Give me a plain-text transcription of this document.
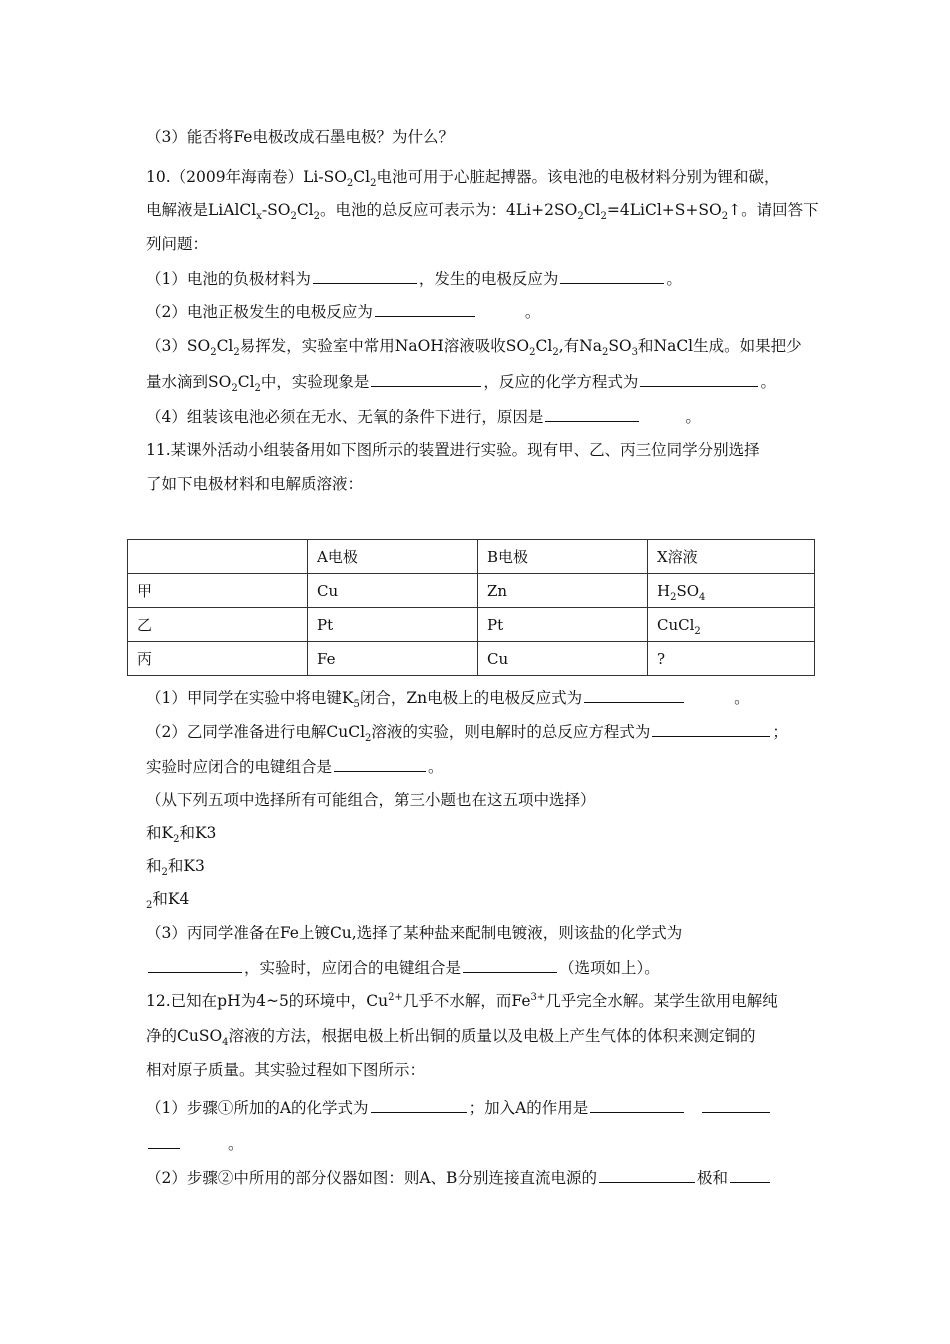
（3）能否将Fe电极改成石墨电极？为什么？
10.（2009年海南卷）$Li-SO_2Cl_2$电池可用于心脏起搏器。该电池的电极材料分别为锂和碳，
电解液是$LiAlCl_x-SO_2Cl_2$。电池的总反应可表示为：$4Li+2SO_2Cl_2=4LiCl+S+SO_2↑$。请回答下
列问题：
（1）电池的负极材料为	，发生的电极反应为	。
（2）电池正极发生的电极反应为	。
$(3)SO_2Cl_2$易挥发，实验室中常用NaOH溶液吸收$SO_2Cl_2$,有$Na_2SO_3$和NaCl生成。如果把少
量水滴到$SO_2Cl_2$中，实验现象是	，反应的化学方程式为	。
（4）组装该电池必须在无水、无氧的条件下进行，原因是	。
11.某课外活动小组装备用如下图所示的装置进行实验。现有甲、乙、丙三位同学分别选择
了如下电极材料和电解质溶液：
	A电极	B电极	X溶液
甲	Cu	Zn	$H_2SO_4$
乙	Pt	Pt	CuCl$_2$
丙	Fe	Cu	?
（1）甲同学在实验中将电键$K_5$闭合，Zn电极上的电极反应式为	。
（2）乙同学准备进行电解CuCl$_2$溶液的实验，则电解时的总反应方程式为	；
实验时应闭合的电键组合是	。
（从下列五项中选择所有可能组合，第三小题也在这五项中选择）
和$K_2$和K3
和$_2$和K3
$_2$和K4
（3）丙同学准备在Fe上镀Cu,选择了某种盐来配制电镀液，则该盐的化学式为
，实验时，应闭合的电键组合是	（选项如上）。
12.已知在pH为4~5的环境中，$Cu^{2+}$几乎不水解，而$Fe^{3+}$几乎完全水解。某学生欲用电解纯
净的CuSO$_4$溶液的方法，根据电极上析出铜的质量以及电极上产生气体的体积来测定铜的
相对原子质量。其实验过程如下图所示：
（1）步骤①所加的A的化学式为	；加入A的作用是
。
（2）步骤②中所用的部分仪器如图：则A、B分别连接直流电源的	极和
